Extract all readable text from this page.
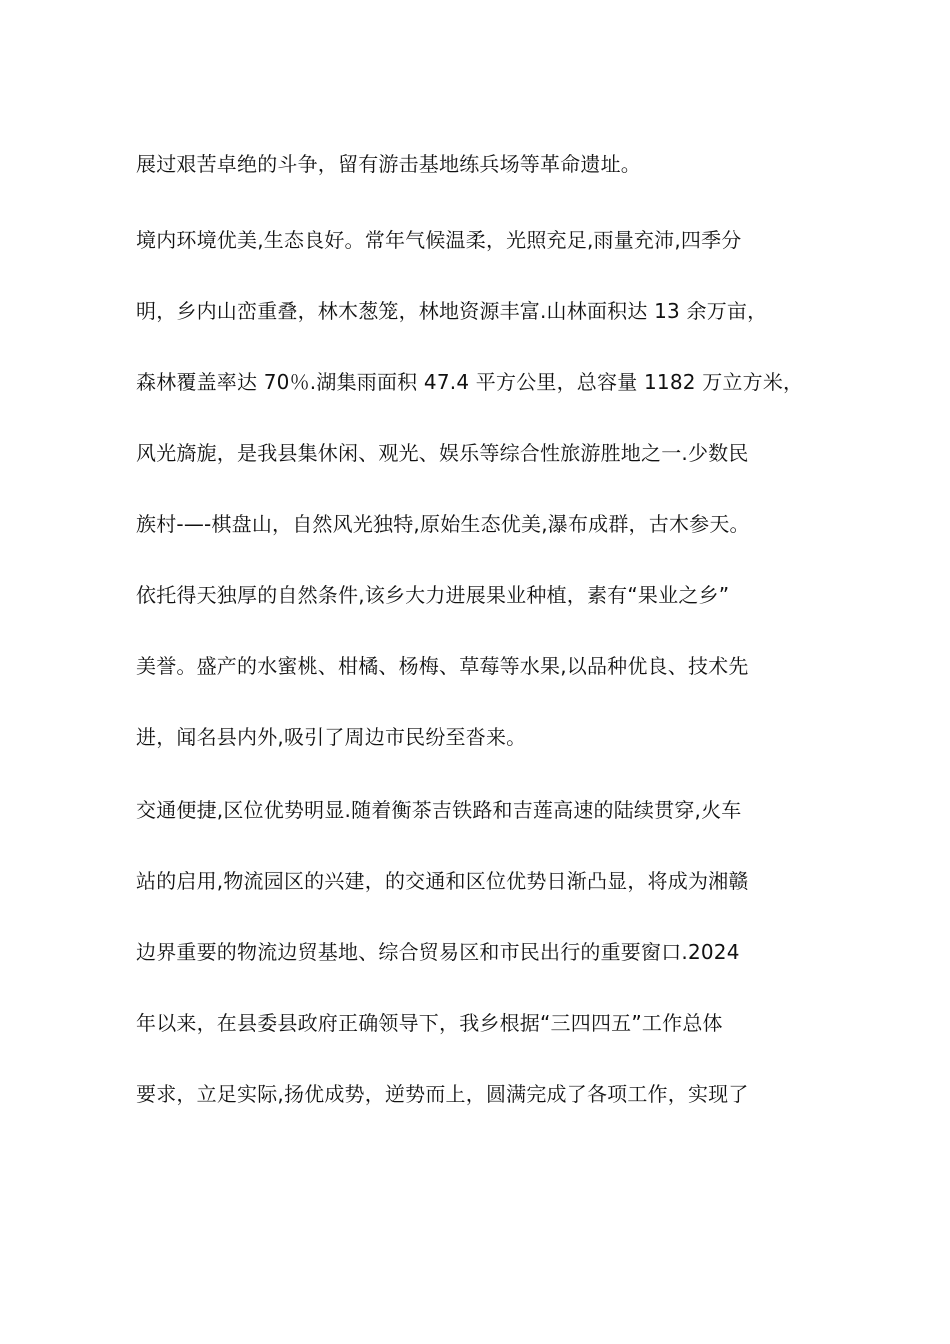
展过艰苦卓绝的斗争，留有游击基地练兵场等革命遗址。
境内环境优美,生态良好。常年气候温柔，光照充足,雨量充沛,四季分
明，乡内山峦重叠，林木葱笼，林地资源丰富.山林面积达 13 余万亩，
森林覆盖率达 70％.湖集雨面积 47.4 平方公里，总容量 1182 万立方米，
风光旖旎，是我县集休闲、观光、娱乐等综合性旅游胜地之一.少数民
族村-—-棋盘山，自然风光独特,原始生态优美,瀑布成群，古木参天。
依托得天独厚的自然条件,该乡大力进展果业种植，素有“果业之乡”
美誉。盛产的水蜜桃、柑橘、杨梅、草莓等水果,以品种优良、技术先
进，闻名县内外,吸引了周边市民纷至沓来。
交通便捷,区位优势明显.随着衡茶吉铁路和吉莲高速的陆续贯穿,火车
站的启用,物流园区的兴建，的交通和区位优势日渐凸显，将成为湘赣
边界重要的物流边贸基地、综合贸易区和市民出行的重要窗口.2024
年以来，在县委县政府正确领导下，我乡根据“三四四五”工作总体
要求，立足实际,扬优成势，逆势而上，圆满完成了各项工作，实现了
